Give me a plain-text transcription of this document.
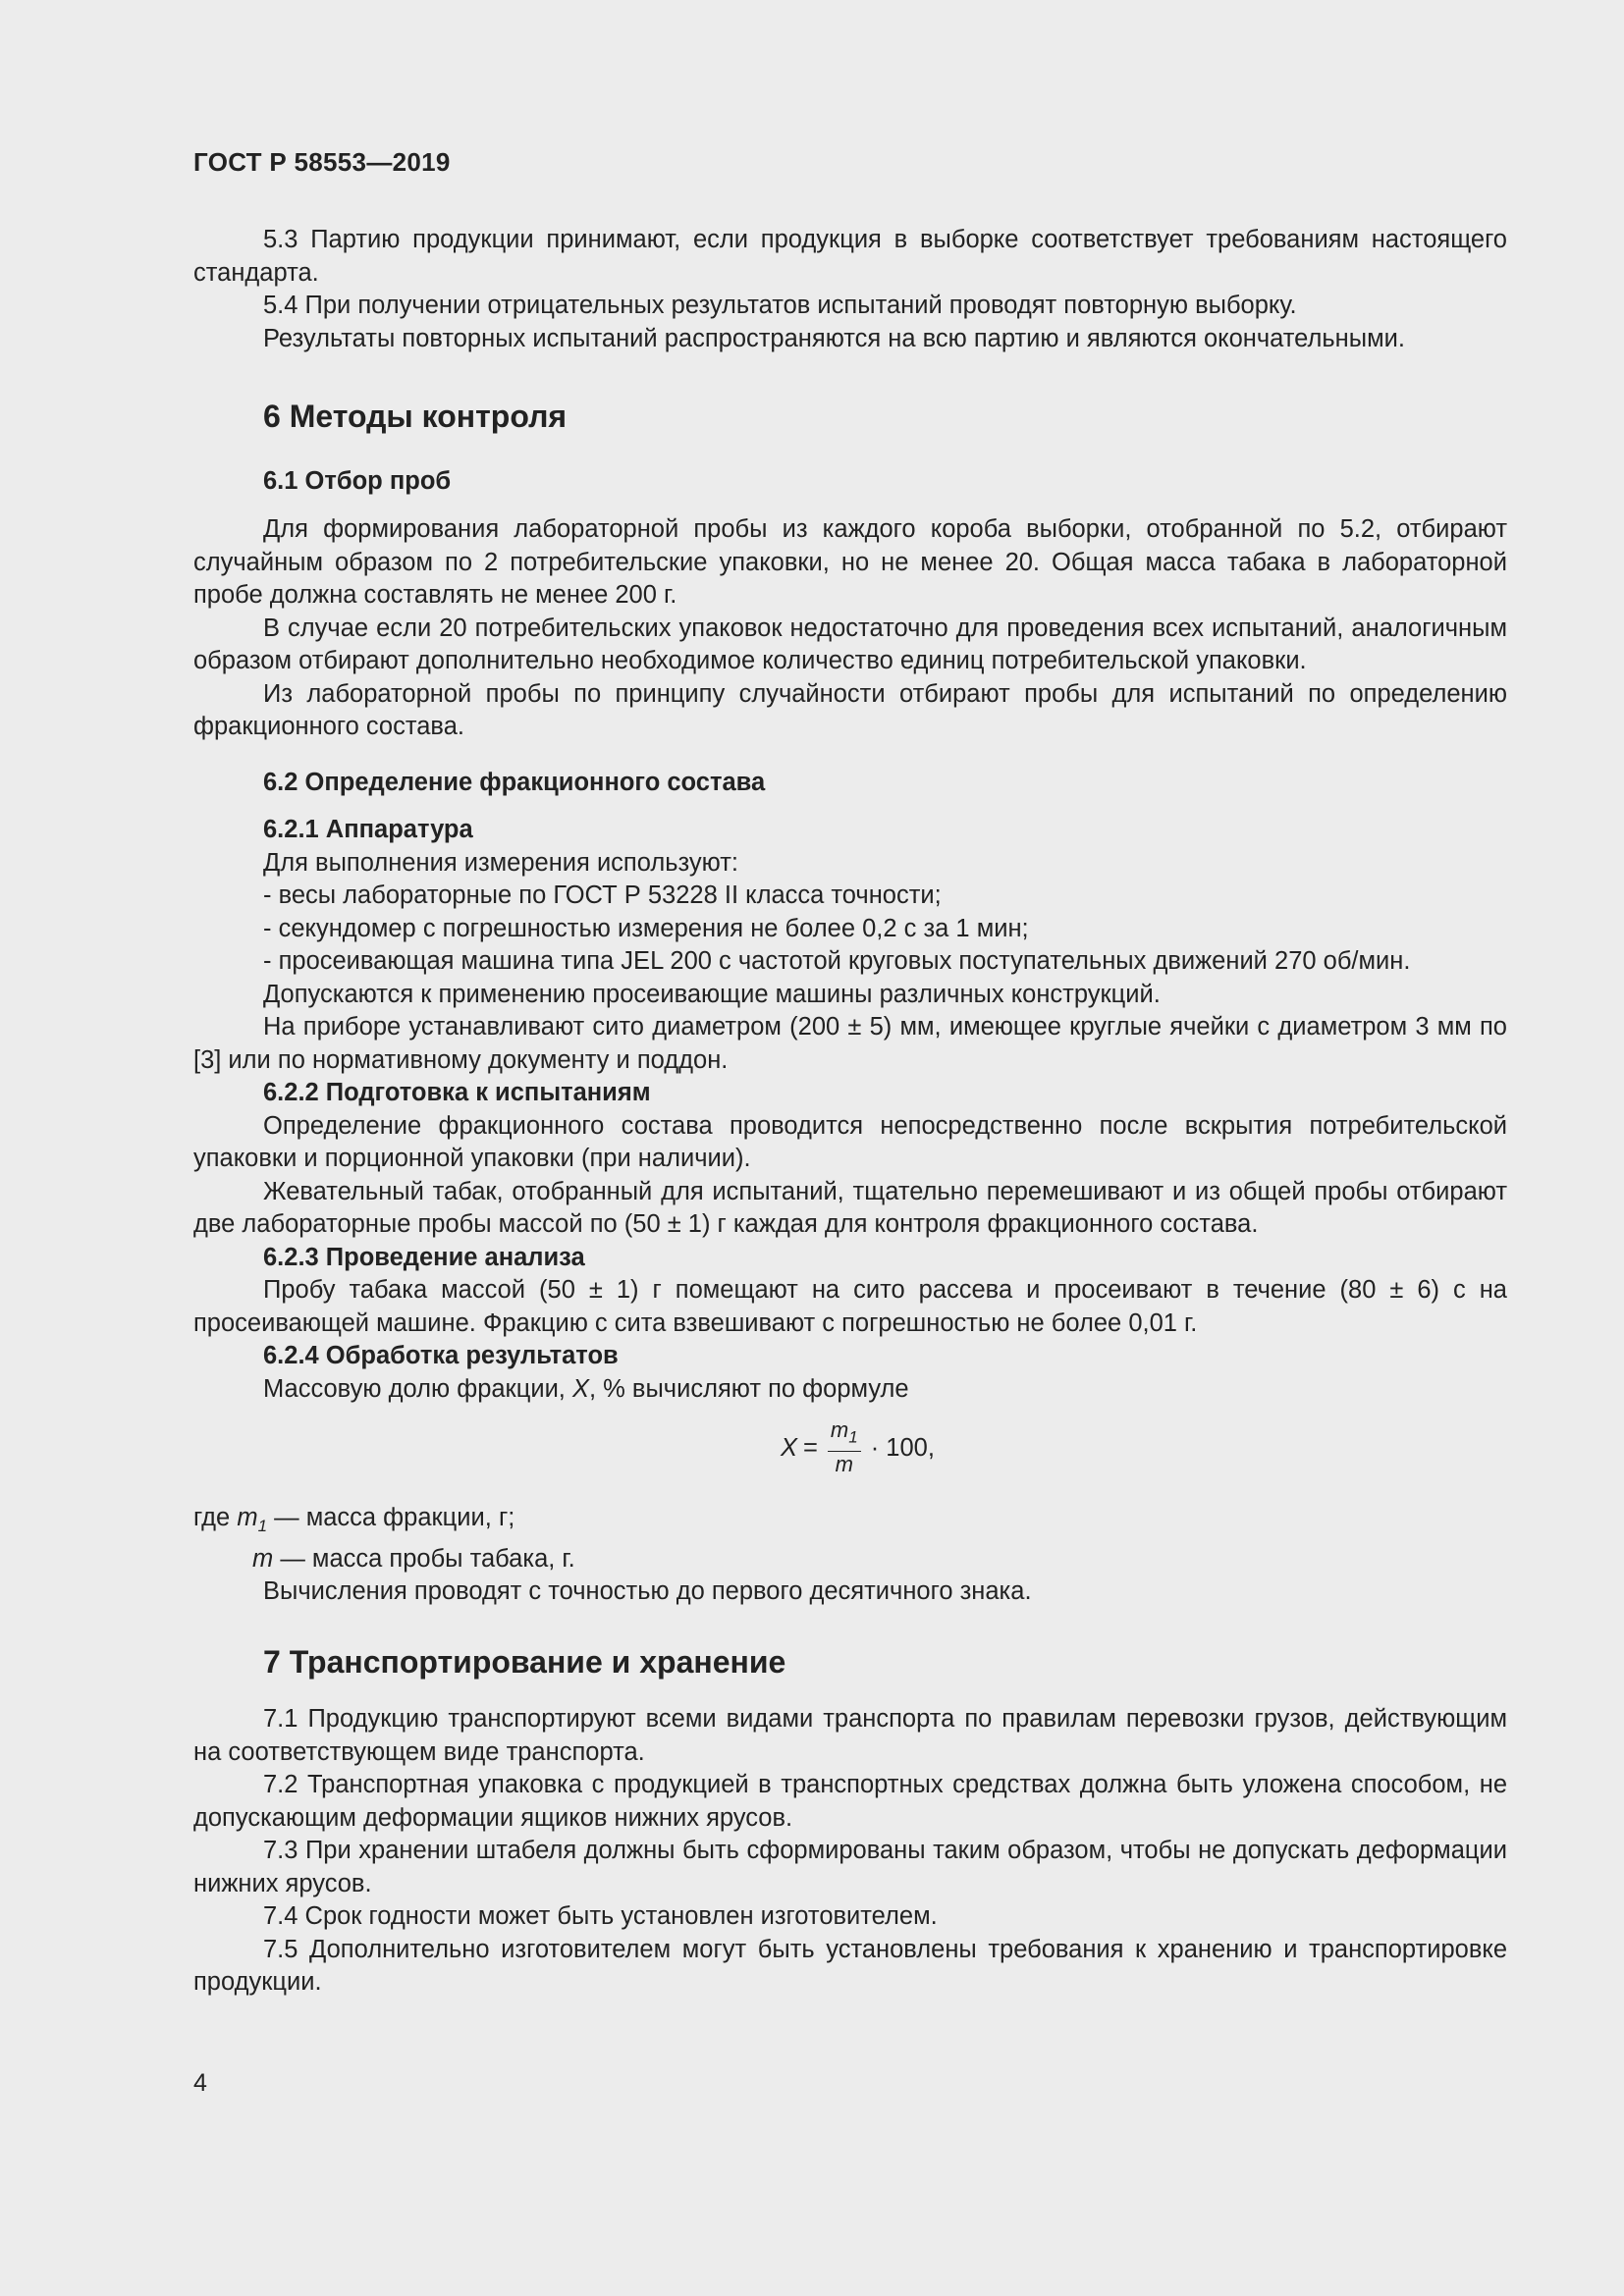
ГОСТ Р 58553—2019

5.3 Партию продукции принимают, если продукция в выборке соответствует требованиям настоящего стандарта.

5.4 При получении отрицательных результатов испытаний проводят повторную выборку.

Результаты повторных испытаний распространяются на всю партию и являются окончательными.

6 Методы контроля
6.1 Отбор проб

Для формирования лабораторной пробы из каждого короба выборки, отобранной по 5.2, отбирают случайным образом по 2 потребительские упаковки, но не менее 20. Общая масса табака в лабораторной пробе должна составлять не менее 200 г.

В случае если 20 потребительских упаковок недостаточно для проведения всех испытаний, аналогичным образом отбирают дополнительно необходимое количество единиц потребительской упаковки.

Из лабораторной пробы по принципу случайности отбирают пробы для испытаний по определению фракционного состава.

6.2 Определение фракционного состава
6.2.1 Аппаратура

Для выполнения измерения используют:

- весы лабораторные по ГОСТ Р 53228 II класса точности;

- секундомер с погрешностью измерения не более 0,2 с за 1 мин;

- просеивающая машина типа JEL 200 с частотой круговых поступательных движений 270 об/мин.

Допускаются к применению просеивающие машины различных конструкций.

На приборе устанавливают сито диаметром (200 ± 5) мм, имеющее круглые ячейки с диаметром 3 мм по [3] или по нормативному документу и поддон.

6.2.2 Подготовка к испытаниям

Определение фракционного состава проводится непосредственно после вскрытия потребительской упаковки и порционной упаковки (при наличии).

Жевательный табак, отобранный для испытаний, тщательно перемешивают и из общей пробы отбирают две лабораторные пробы массой по (50 ± 1) г каждая для контроля фракционного состава.

6.2.3 Проведение анализа

Пробу табака массой (50 ± 1) г помещают на сито рассева и просеивают в течение (80 ± 6) с на просеивающей машине. Фракцию с сита взвешивают с погрешностью не более 0,01 г.

6.2.4 Обработка результатов

Массовую долю фракции, X, % вычисляют по формуле

$X = \frac{m_1}{m} \cdot 100$,

где $m_1$ — масса фракции, г;

m — масса пробы табака, г.

Вычисления проводят с точностью до первого десятичного знака.

7 Транспортирование и хранение

7.1 Продукцию транспортируют всеми видами транспорта по правилам перевозки грузов, действующим на соответствующем виде транспорта.

7.2 Транспортная упаковка с продукцией в транспортных средствах должна быть уложена способом, не допускающим деформации ящиков нижних ярусов.

7.3 При хранении штабеля должны быть сформированы таким образом, чтобы не допускать деформации нижних ярусов.

7.4 Срок годности может быть установлен изготовителем.

7.5 Дополнительно изготовителем могут быть установлены требования к хранению и транспортировке продукции.

4
